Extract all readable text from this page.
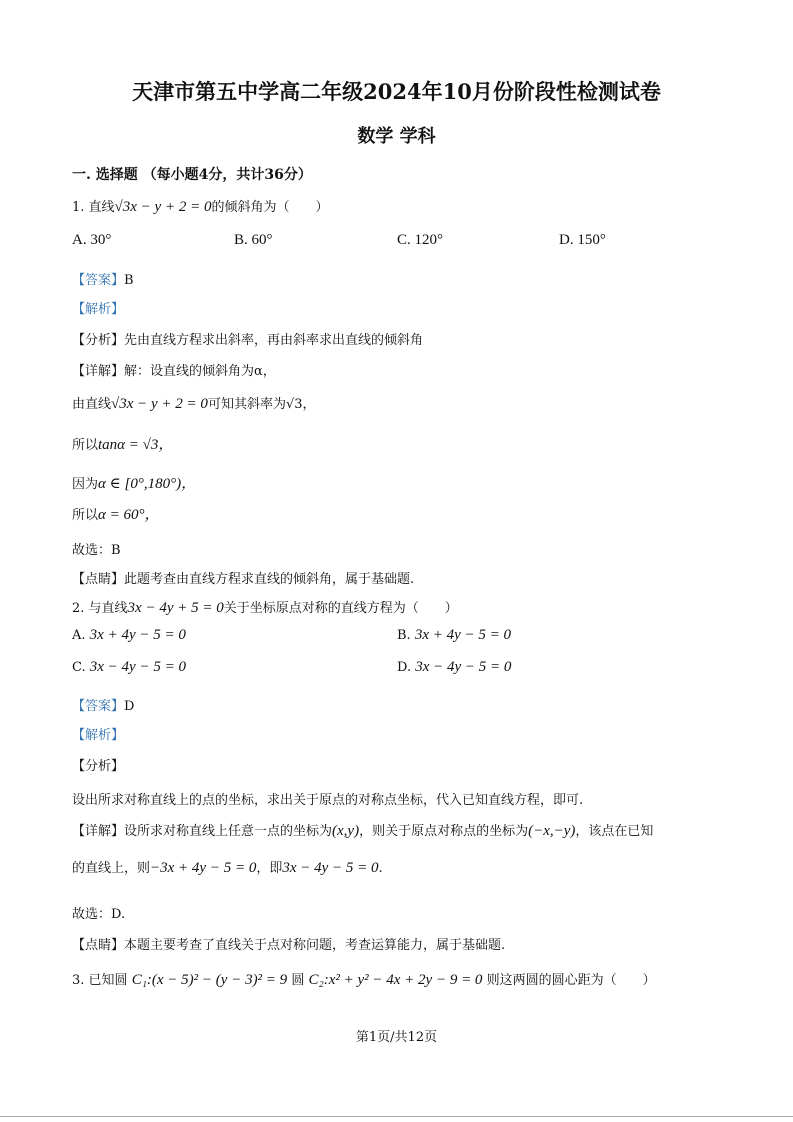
天津市第五中学高二年级2024年10月份阶段性检测试卷
数学 学科
一. 选择题 （每小题4分，共计36分）
1. 直线√3x − y + 2 = 0的倾斜角为（　　）
A. 30°	B. 60°	C. 120°	D. 150°
【答案】B
【解析】
【分析】先由直线方程求出斜率，再由斜率求出直线的倾斜角
【详解】解：设直线的倾斜角为α，
由直线√3x − y + 2 = 0可知其斜率为√3，
所以tanα = √3，
因为α ∈ [0°,180°)，
所以α = 60°，
故选：B
【点睛】此题考查由直线方程求直线的倾斜角，属于基础题.
2. 与直线3x − 4y + 5 = 0关于坐标原点对称的直线方程为（　　）
A. 3x + 4y − 5 = 0	B. 3x + 4y − 5 = 0
C. 3x − 4y − 5 = 0	D. 3x − 4y − 5 = 0
【答案】D
【解析】
【分析】
设出所求对称直线上的点的坐标，求出关于原点的对称点坐标，代入已知直线方程，即可.
【详解】设所求对称直线上任意一点的坐标为(x,y)，则关于原点对称点的坐标为(−x,−y)，该点在已知
的直线上，则−3x + 4y − 5 = 0，即3x − 4y − 5 = 0.
故选：D.
【点睛】本题主要考查了直线关于点对称问题，考查运算能力，属于基础题.
3. 已知圆 C₁:(x − 5)² − (y − 3)² = 9 圆 C₂:x² + y² − 4x + 2y − 9 = 0 则这两圆的圆心距为（　　）
第1页/共12页
